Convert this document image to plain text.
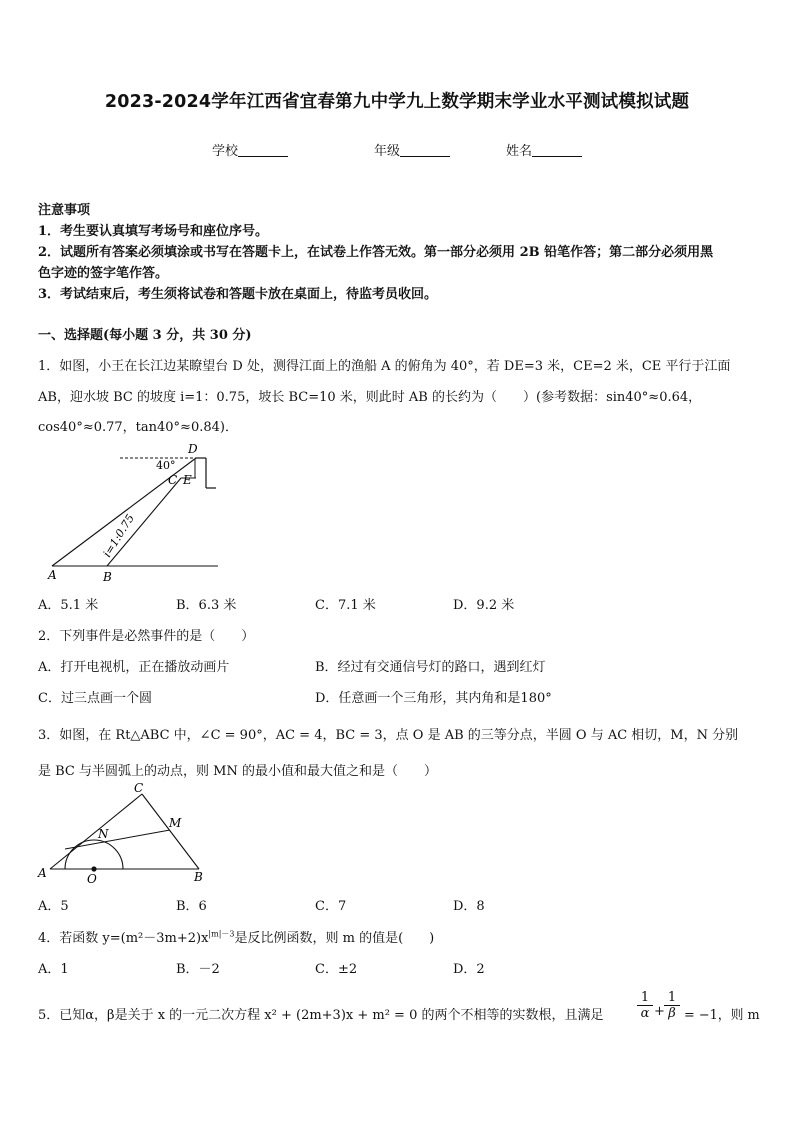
2023-2024学年江西省宜春第九中学九上数学期末学业水平测试模拟试题
学校	年级	姓名
注意事项
1．考生要认真填写考场号和座位序号。
2．试题所有答案必须填涂或书写在答题卡上，在试卷上作答无效。第一部分必须用 2B 铅笔作答；第二部分必须用黑
色字迹的签字笔作答。
3．考试结束后，考生须将试卷和答题卡放在桌面上，待监考员收回。
一、选择题(每小题 3 分，共 30 分)
1．如图，小王在长江边某瞭望台 D 处，测得江面上的渔船 A 的俯角为 40°，若 DE=3 米，CE=2 米，CE 平行于江面
AB，迎水坡 BC 的坡度 i=1：0.75，坡长 BC=10 米，则此时 AB 的长约为（　　）(参考数据：sin40°≈0.64，
cos40°≈0.77，tan40°≈0.84)．
D
C E
A	B
40°
i=1:0.75
A．5.1 米	B．6.3 米	C．7.1 米	D．9.2 米
2．下列事件是必然事件的是（　　）
A．打开电视机，正在播放动画片	B．经过有交通信号灯的路口，遇到红灯
C．过三点画一个圆	D．任意画一个三角形，其内角和是180°
3．如图，在 Rt△ABC 中，∠C = 90°，AC = 4，BC = 3，点 O 是 AB 的三等分点，半圆 O 与 AC 相切，M，N 分别
是 BC 与半圆弧上的动点，则 MN 的最小值和最大值之和是（　　）
C
M
N
A	O	B
A．5	B．6	C．7	D．8
4．若函数 $y=(m^2-3m+2)x^{|m|-3}$是反比例函数，则 m 的值是(　　)
A．1	B．－2	C．±2	D．2
5．已知α，β是关于 x 的一元二次方程 x² + (2m+3)x + m² = 0 的两个不相等的实数根，且满足	$\frac{1}{\alpha} + \frac{1}{\beta} = -1$，则 m
